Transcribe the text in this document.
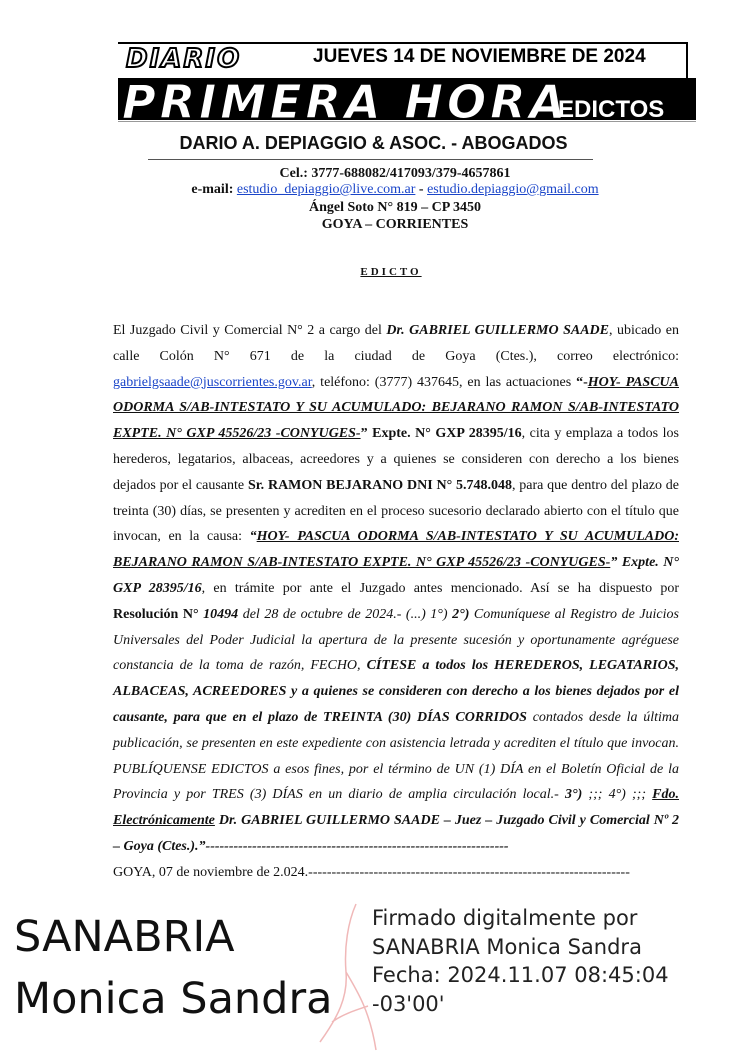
DIARIO	JUEVES 14 DE NOVIEMBRE DE 2024
PRIMERA HORA
EDICTOS
DARIO A. DEPIAGGIO & ASOC. - ABOGADOS
Cel.: 3777-688082/417093/379-4657861
e-mail: estudio_depiaggio@live.com.ar - estudio.depiaggio@gmail.com
Ángel Soto N° 819 – CP 3450
GOYA – CORRIENTES
EDICTO

El Juzgado Civil y Comercial N° 2 a cargo del Dr. GABRIEL GUILLERMO SAADE, ubicado en calle Colón N° 671 de la ciudad de Goya (Ctes.), correo electrónico: gabrielgsaade@juscorrientes.gov.ar, teléfono: (3777) 437645, en las actuaciones “-HOY- PASCUA ODORMA S/AB-INTESTATO Y SU ACUMULADO: BEJARANO RAMON S/AB-INTESTATO EXPTE. N° GXP 45526/23 -CONYUGES-” Expte. N° GXP 28395/16, cita y emplaza a todos los herederos, legatarios, albaceas, acreedores y a quienes se consideren con derecho a los bienes dejados por el causante Sr. RAMON BEJARANO DNI N° 5.748.048, para que dentro del plazo de treinta (30) días, se presenten y acrediten en el proceso sucesorio declarado abierto con el título que invocan, en la causa: “HOY- PASCUA ODORMA S/AB-INTESTATO Y SU ACUMULADO: BEJARANO RAMON S/AB-INTESTATO EXPTE. N° GXP 45526/23 -CONYUGES-” Expte. N° GXP 28395/16, en trámite por ante el Juzgado antes mencionado. Así se ha dispuesto por Resolución N° 10494 del 28 de octubre de 2024.- (...) 1°) 2°) Comuníquese al Registro de Juicios Universales del Poder Judicial la apertura de la presente sucesión y oportunamente agréguese constancia de la toma de razón, FECHO, CÍTESE a todos los HEREDEROS, LEGATARIOS, ALBACEAS, ACREEDORES y a quienes se consideren con derecho a los bienes dejados por el causante, para que en el plazo de TREINTA (30) DÍAS CORRIDOS contados desde la última publicación, se presenten en este expediente con asistencia letrada y acrediten el título que invocan. PUBLÍQUENSE EDICTOS a esos fines, por el término de UN (1) DÍA en el Boletín Oficial de la Provincia y por TRES (3) DÍAS en un diario de amplia circulación local.- 3°) ;;; 4°) ;;; Fdo. Electrónicamente Dr. GABRIEL GUILLERMO SAADE – Juez – Juzgado Civil y Comercial Nº 2 – Goya (Ctes.).”-----------------------------------------------------------------

GOYA, 07 de noviembre de 2.024.---------------------------------------------------------------------

SANABRIA
Monica Sandra
Firmado digitalmente por
SANABRIA Monica Sandra
Fecha: 2024.11.07 08:45:04
-03'00'
